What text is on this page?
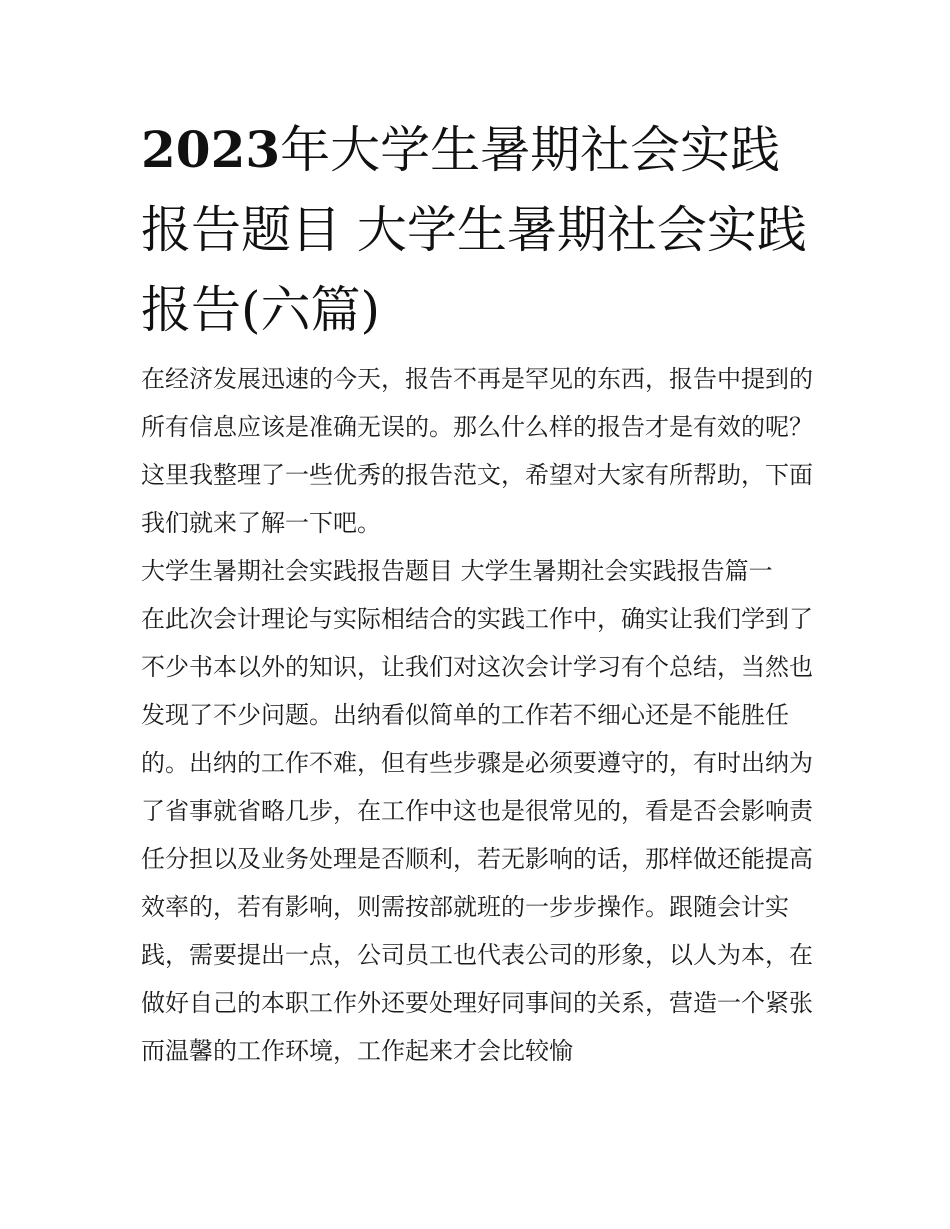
2023年大学生暑期社会实践报告题目 大学生暑期社会实践报告(六篇)

在经济发展迅速的今天，报告不再是罕见的东西，报告中提到的所有信息应该是准确无误的。那么什么样的报告才是有效的呢？这里我整理了一些优秀的报告范文，希望对大家有所帮助，下面我们就来了解一下吧。

大学生暑期社会实践报告题目 大学生暑期社会实践报告篇一

在此次会计理论与实际相结合的实践工作中，确实让我们学到了不少书本以外的知识，让我们对这次会计学习有个总结，当然也发现了不少问题。出纳看似简单的工作若不细心还是不能胜任的。出纳的工作不难，但有些步骤是必须要遵守的，有时出纳为了省事就省略几步，在工作中这也是很常见的，看是否会影响责任分担以及业务处理是否顺利，若无影响的话，那样做还能提高效率的，若有影响，则需按部就班的一步步操作。跟随会计实践，需要提出一点，公司员工也代表公司的形象，以人为本，在做好自己的本职工作外还要处理好同事间的关系，营造一个紧张而温馨的工作环境，工作起来才会比较愉
